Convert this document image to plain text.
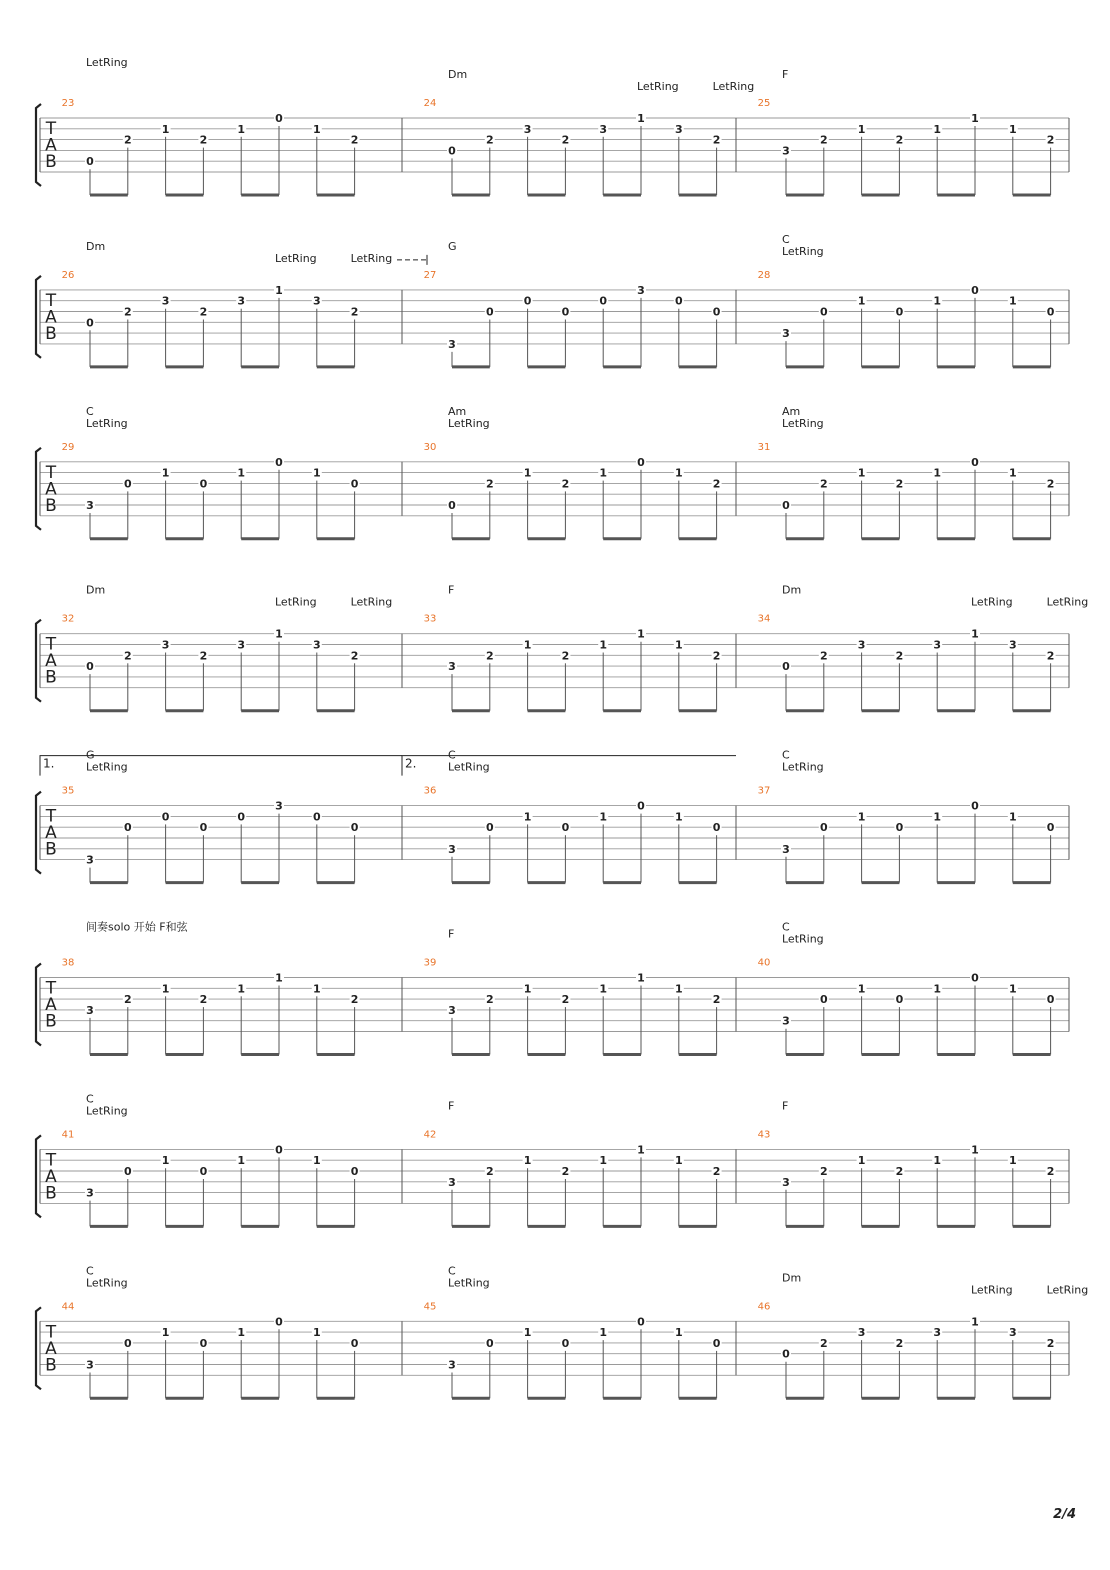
T
A
B
23
LetRing
0
2
1
2
1
0
1
2
24
Dm
LetRing	LetRing
0
2
3
2
3
1
3
2
25
F
3
2
1
2
1
1
1
2
T
A
B
26
Dm
LetRing	LetRing
0
2
3
2
3
1
3
2
27
G
3
0
0
0
0
3
0
0
28
C
LetRing
3
0
1
0
1
0
1
0
T
A
B
29
C
LetRing
3
0
1
0
1
0
1
0
30
Am
LetRing
0
2
1
2
1
0
1
2
31
Am
LetRing
0
2
1
2
1
0
1
2
T
A
B
32
Dm
LetRing	LetRing
0
2
3
2
3
1
3
2
33
F
3
2
1
2
1
1
1
2
34
Dm
LetRing	LetRing
0
2
3
2
3
1
3
2
T
A
B
35
G
LetRing
1.
3
0
0
0
0
3
0
0
36
C
LetRing
2.
3
0
1
0
1
0
1
0
37
C
LetRing
3
0
1
0
1
0
1
0
T
A
B
38
间奏solo 开始 F和弦
3
2
1
2
1
1
1
2
39
F
3
2
1
2
1
1
1
2
40
C
LetRing
3
0
1
0
1
0
1
0
T
A
B
41
C
LetRing
3
0
1
0
1
0
1
0
42
F
3
2
1
2
1
1
1
2
43
F
3
2
1
2
1
1
1
2
T
A
B
44
C
LetRing
3
0
1
0
1
0
1
0
45
C
LetRing
3
0
1
0
1
0
1
0
46
Dm
LetRing	LetRing
0
2
3
2
3
1
3
2
2/4
